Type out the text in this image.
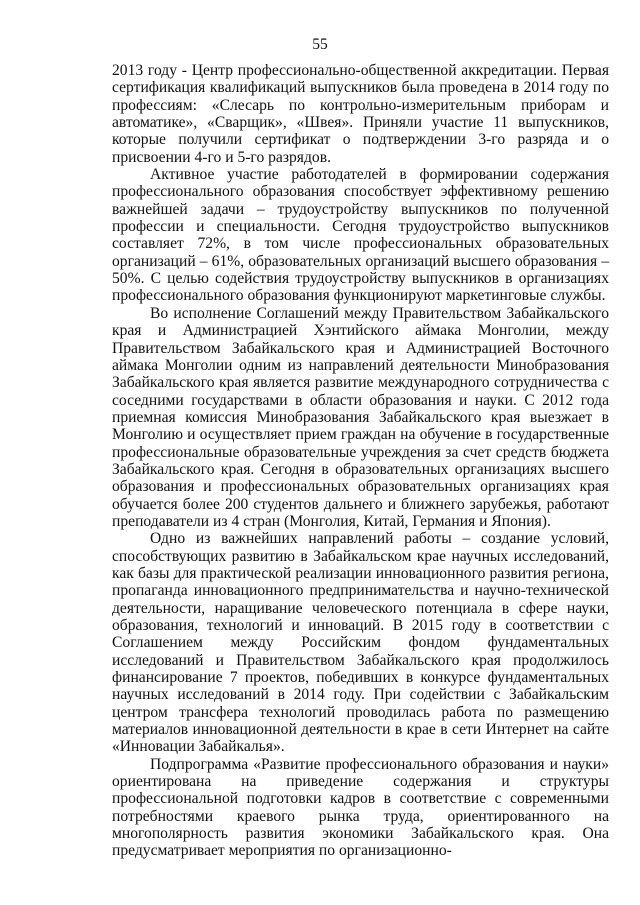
55

2013 году - Центр профессионально-общественной аккредитации. Первая сертификация квалификаций выпускников была проведена в 2014 году по профессиям: «Слесарь по контрольно-измерительным приборам и автоматике», «Сварщик», «Швея». Приняли участие 11 выпускников, которые получили сертификат о подтверждении 3-го разряда и о присвоении 4-го и 5-го разрядов.

Активное участие работодателей в формировании содержания профессионального образования способствует эффективному решению важнейшей задачи – трудоустройству выпускников по полученной профессии и специальности. Сегодня трудоустройство выпускников составляет 72%, в том числе профессиональных образовательных организаций – 61%, образовательных организаций высшего образования – 50%. С целью содействия трудоустройству выпускников в организациях профессионального образования функционируют маркетинговые службы.

Во исполнение Соглашений между Правительством Забайкальского края и Администрацией Хэнтийского аймака Монголии, между Правительством Забайкальского края и Администрацией Восточного аймака Монголии одним из направлений деятельности Минобразования Забайкальского края является развитие международного сотрудничества с соседними государствами в области образования и науки. С 2012 года приемная комиссия Минобразования Забайкальского края выезжает в Монголию и осуществляет прием граждан на обучение в государственные профессиональные образовательные учреждения за счет средств бюджета Забайкальского края. Сегодня в образовательных организациях высшего образования и профессиональных образовательных организациях края обучается более 200 студентов дальнего и ближнего зарубежья, работают преподаватели из 4 стран (Монголия, Китай, Германия и Япония).

Одно из важнейших направлений работы – создание условий, способствующих развитию в Забайкальском крае научных исследований, как базы для практической реализации инновационного развития региона, пропаганда инновационного предпринимательства и научно-технической деятельности, наращивание человеческого потенциала в сфере науки, образования, технологий и инноваций. В 2015 году в соответствии с Соглашением между Российским фондом фундаментальных исследований и Правительством Забайкальского края продолжилось финансирование 7 проектов, победивших в конкурсе фундаментальных научных исследований в 2014 году. При содействии с Забайкальским центром трансфера технологий проводилась работа по размещению материалов инновационной деятельности в крае в сети Интернет на сайте «Инновации Забайкалья».

Подпрограмма «Развитие профессионального образования и науки» ориентирована на приведение содержания и структуры профессиональной подготовки кадров в соответствие с современными потребностями краевого рынка труда, ориентированного на многополярность развития экономики Забайкальского края. Она предусматривает мероприятия по организационно-
